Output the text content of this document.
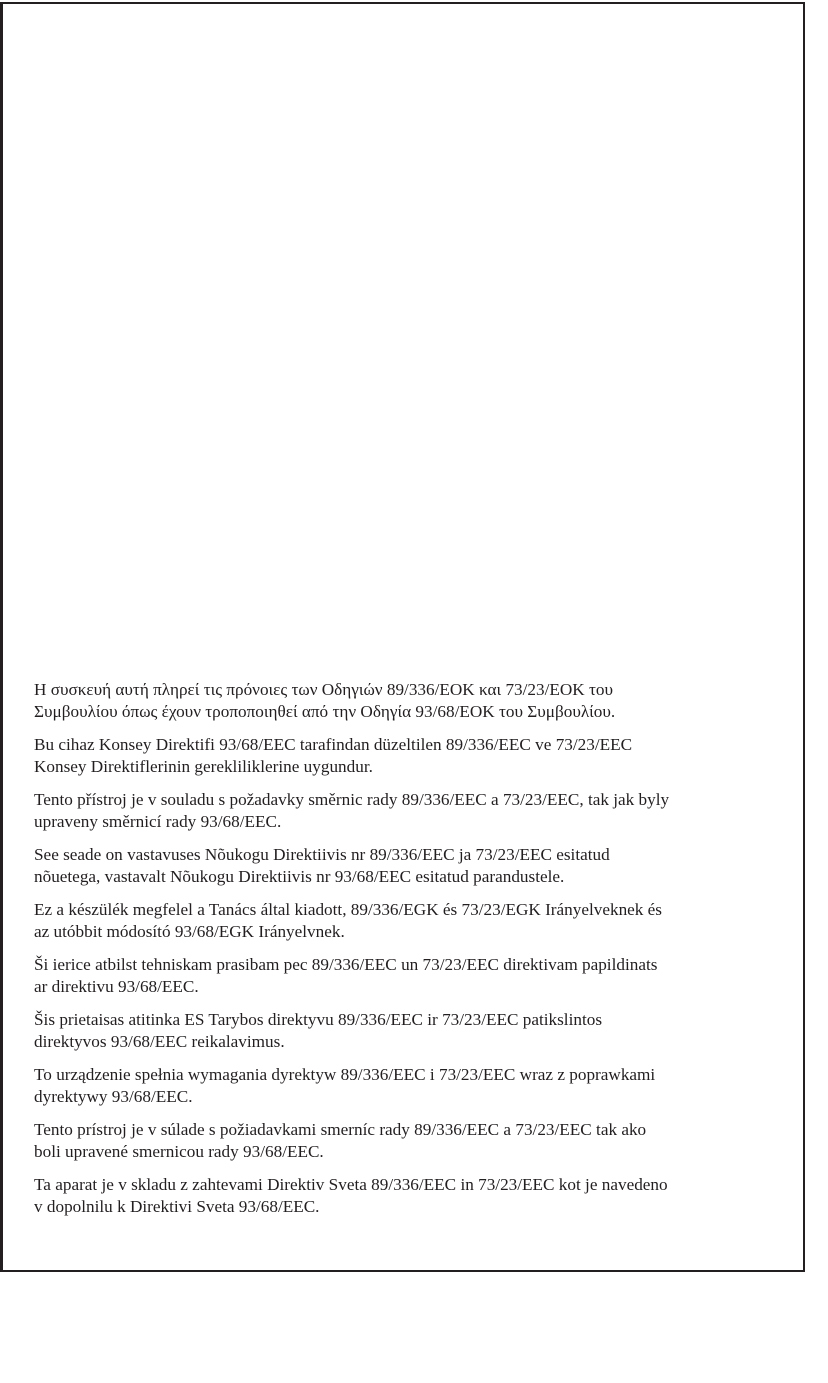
Η συσκευή αυτή πληρεί τις πρόνοιες των Οδηγιών 89/336/EOK και 73/23/EOK του
Συμβουλίου όπως έχουν τροποποιηθεί από την Οδηγία 93/68/EOK του Συμβουλίου.

Bu cihaz Konsey Direktifi 93/68/EEC tarafindan düzeltilen 89/336/EEC ve 73/23/EEC
Konsey Direktiflerinin gerekliliklerine uygundur.

Tento přístroj je v souladu s požadavky směrnic rady 89/336/EEC a 73/23/EEC, tak jak byly
upraveny směrnicí rady 93/68/EEC.

See seade on vastavuses Nõukogu Direktiivis nr 89/336/EEC ja 73/23/EEC esitatud
nõuetega, vastavalt Nõukogu Direktiivis nr 93/68/EEC esitatud parandustele.

Ez a készülék megfelel a Tanács által kiadott, 89/336/EGK és 73/23/EGK Irányelveknek és
az utóbbit módosító 93/68/EGK Irányelvnek.

Ši ierice atbilst tehniskam prasibam pec 89/336/EEC un 73/23/EEC direktivam papildinats
ar direktivu 93/68/EEC.

Šis prietaisas atitinka ES Tarybos direktyvu 89/336/EEC ir 73/23/EEC patikslintos
direktyvos 93/68/EEC reikalavimus.

To urządzenie spełnia wymagania dyrektyw 89/336/EEC i 73/23/EEC wraz z poprawkami
dyrektywy 93/68/EEC.

Tento prístroj je v súlade s požiadavkami smerníc rady 89/336/EEC a 73/23/EEC tak ako
boli upravené smernicou rady 93/68/EEC.

Ta aparat je v skladu z zahtevami Direktiv Sveta 89/336/EEC in 73/23/EEC kot je navedeno
v dopolnilu k Direktivi Sveta 93/68/EEC.
